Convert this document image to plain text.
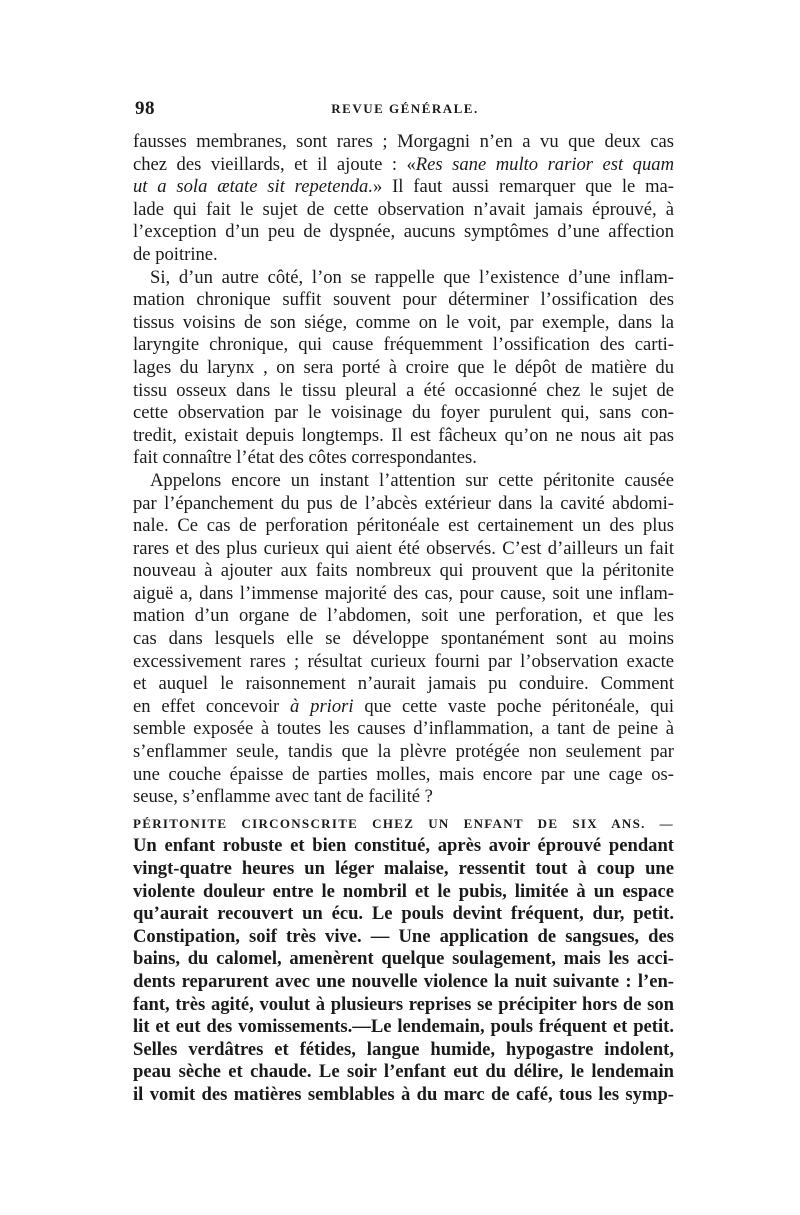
98	REVUE GÉNÉRALE.
fausses membranes, sont rares ; Morgagni n’en a vu que deux cas
chez des vieillards, et il ajoute : «Res sane multo rarior est quam
ut a sola ætate sit repetenda.» Il faut aussi remarquer que le ma-
lade qui fait le sujet de cette observation n’avait jamais éprouvé, à
l’exception d’un peu de dyspnée, aucuns symptômes d’une affection
de poitrine.
Si, d’un autre côté, l’on se rappelle que l’existence d’une inflam-
mation chronique suffit souvent pour déterminer l’ossification des
tissus voisins de son siége, comme on le voit, par exemple, dans la
laryngite chronique, qui cause fréquemment l’ossification des carti-
lages du larynx , on sera porté à croire que le dépôt de matière du
tissu osseux dans le tissu pleural a été occasionné chez le sujet de
cette observation par le voisinage du foyer purulent qui, sans con-
tredit, existait depuis longtemps. Il est fâcheux qu’on ne nous ait pas
fait connaître l’état des côtes correspondantes.
Appelons encore un instant l’attention sur cette péritonite causée
par l’épanchement du pus de l’abcès extérieur dans la cavité abdomi-
nale. Ce cas de perforation péritonéale est certainement un des plus
rares et des plus curieux qui aient été observés. C’est d’ailleurs un fait
nouveau à ajouter aux faits nombreux qui prouvent que la péritonite
aiguë a, dans l’immense majorité des cas, pour cause, soit une inflam-
mation d’un organe de l’abdomen, soit une perforation, et que les
cas dans lesquels elle se développe spontanément sont au moins
excessivement rares ; résultat curieux fourni par l’observation exacte
et auquel le raisonnement n’aurait jamais pu conduire. Comment
en effet concevoir à priori que cette vaste poche péritonéale, qui
semble exposée à toutes les causes d’inflammation, a tant de peine à
s’enflammer seule, tandis que la plèvre protégée non seulement par
une couche épaisse de parties molles, mais encore par une cage os-
seuse, s’enflamme avec tant de facilité ?
PÉRITONITE CIRCONSCRITE CHEZ UN ENFANT DE SIX ANS. —
Un enfant robuste et bien constitué, après avoir éprouvé pendant
vingt-quatre heures un léger malaise, ressentit tout à coup une
violente douleur entre le nombril et le pubis, limitée à un espace
qu’aurait recouvert un écu. Le pouls devint fréquent, dur, petit.
Constipation, soif très vive. — Une application de sangsues, des
bains, du calomel, amenèrent quelque soulagement, mais les acci-
dents reparurent avec une nouvelle violence la nuit suivante : l’en-
fant, très agité, voulut à plusieurs reprises se précipiter hors de son
lit et eut des vomissements.—Le lendemain, pouls fréquent et petit.
Selles verdâtres et fétides, langue humide, hypogastre indolent,
peau sèche et chaude. Le soir l’enfant eut du délire, le lendemain
il vomit des matières semblables à du marc de café, tous les symp-
